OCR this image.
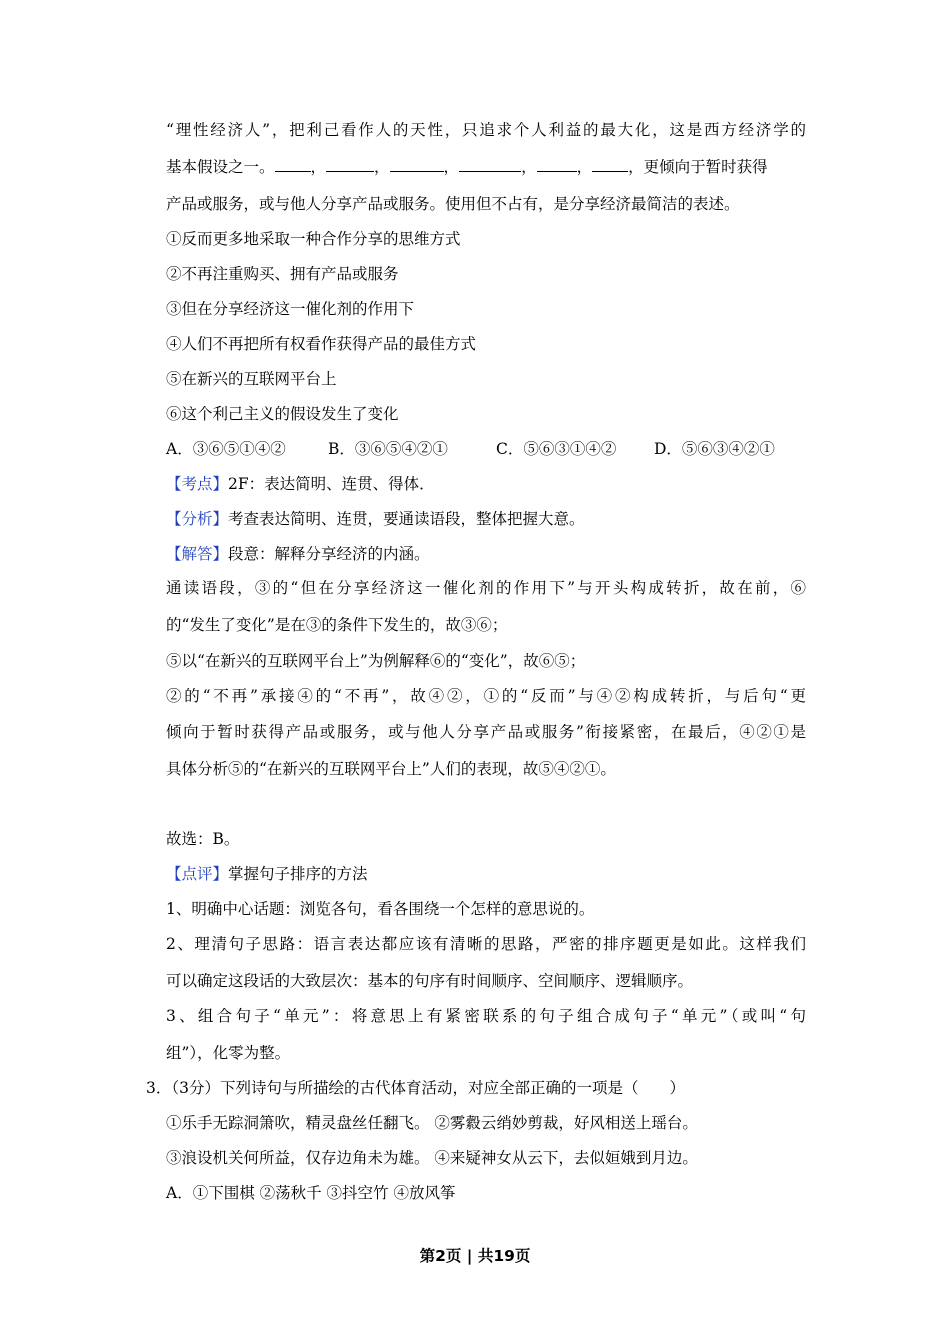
“理性经济人”，把利己看作人的天性，只追求个人利益的最大化，这是西方经济学的
基本假设之一。 ，	，	，	，	， ，更倾向于暂时获得
产品或服务，或与他人分享产品或服务。使用但不占有，是分享经济最简洁的表述。
①反而更多地采取一种合作分享的思维方式
②不再注重购买、拥有产品或服务
③但在分享经济这一催化剂的作用下
④人们不再把所有权看作获得产品的最佳方式
⑤在新兴的互联网平台上
⑥这个利己主义的假设发生了变化
A．③⑥⑤①④②	B．③⑥⑤④②①	C．⑤⑥③①④② D．⑤⑥③④②①
【考点】2F：表达简明、连贯、得体．
【分析】考查表达简明、连贯，要通读语段，整体把握大意。
【解答】段意：解释分享经济的内涵。
通读语段，③的“但在分享经济这一催化剂的作用下”与开头构成转折，故在前，⑥
的“发生了变化”是在③的条件下发生的，故③⑥；
⑤以“在新兴的互联网平台上”为例解释⑥的“变化”，故⑥⑤；
②的“不再”承接④的“不再”，故④②，①的“反而”与④②构成转折，与后句“更
倾向于暂时获得产品或服务，或与他人分享产品或服务”衔接紧密，在最后，④②①是
具体分析⑤的“在新兴的互联网平台上”人们的表现，故⑤④②①。
故选：B。
【点评】掌握句子排序的方法
1、明确中心话题：浏览各句，看各围绕一个怎样的意思说的。
2、理清句子思路：语言表达都应该有清晰的思路，严密的排序题更是如此。这样我们
可以确定这段话的大致层次：基本的句序有时间顺序、空间顺序、逻辑顺序。
3、组合句子“单元”：将意思上有紧密联系的句子组合成句子“单元”（或叫“句
组”），化零为整。
3．（3分）下列诗句与所描绘的古代体育活动，对应全部正确的一项是（　　）
①乐手无踪洞箫吹，精灵盘丝任翻飞。 ②雾縠云绡妙剪裁，好风相送上瑶台。
③浪设机关何所益，仅存边角未为雄。 ④来疑神女从云下，去似姮娥到月边。
A．①下围棋 ②荡秋千 ③抖空竹 ④放风筝
第2页 | 共19页
